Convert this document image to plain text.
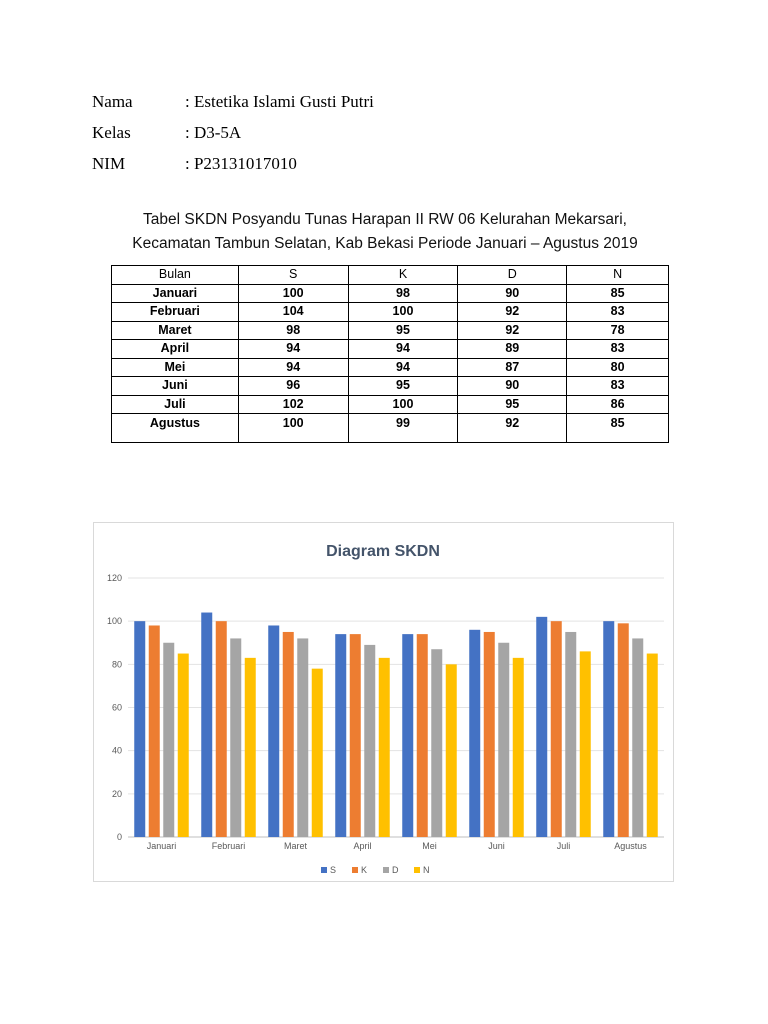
Nama	: Estetika Islami Gusti Putri
Kelas	: D3-5A
NIM	: P23131017010
Tabel SKDN Posyandu Tunas Harapan II RW 06 Kelurahan Mekarsari,
Kecamatan Tambun Selatan, Kab Bekasi Periode Januari – Agustus 2019
Bulan	S	K	D	N
Januari	100	98	90	85
Februari	104	100	92	83
Maret	98	95	92	78
April	94	94	89	83
Mei	94	94	87	80
Juni	96	95	90	83
Juli	102	100	95	86
Agustus	100	99	92	85
Diagram SKDN
0
20
40
60
80
100
120
Januari	Februari	Maret	April	Mei	Juni	Juli	Agustus
S	K	D	N
